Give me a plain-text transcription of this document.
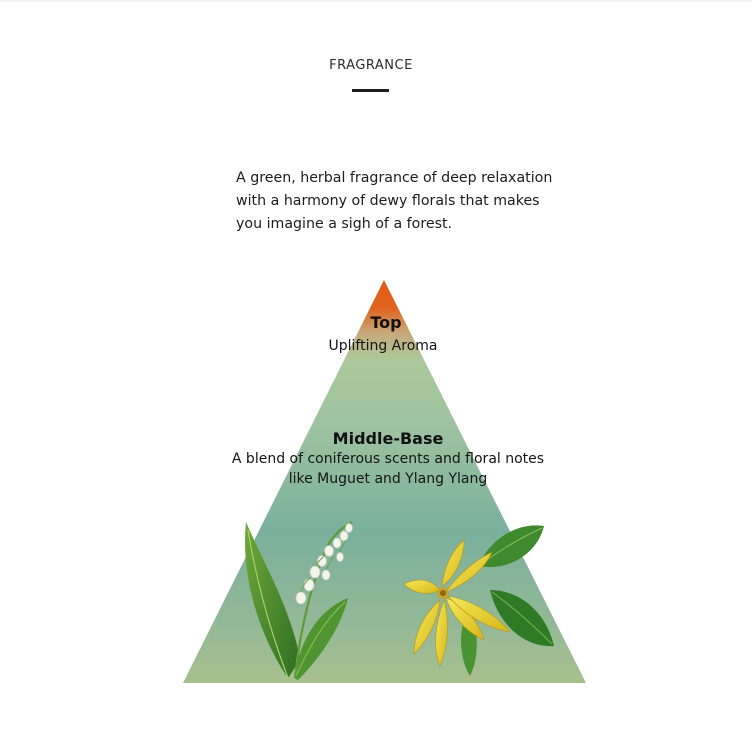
FRAGRANCE
A green, herbal fragrance of deep relaxation with a harmony of dewy florals that makes you imagine a sigh of a forest.
Top
Uplifting Aroma
Middle-Base
A blend of coniferous scents and floral notes
like Muguet and Ylang Ylang
